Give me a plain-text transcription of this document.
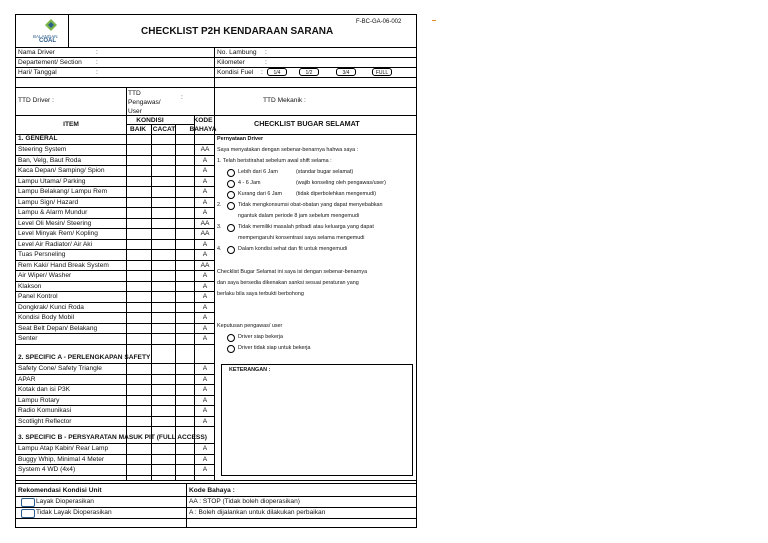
BALANGAN
COAL
CHECKLIST P2H KENDARAAN SARANA
F-BC-GA-06-002
Nama Driver	:
Departement/ Section :
Hari/ Tanggal	:
No. Lambung :
Kilometer	:
Kondisi Fuel :	1/4	1/2	3/4	FULL
TTD Driver :
TTD Pengawas/ User
:	TTD Mekanik :
ITEM
KONDISI
BAIK	CACAT
KODE BAHAYA
CHECKLIST BUGAR SELAMAT
1. GENERAL
2. SPECIFIC A - PERLENGKAPAN SAFETY
3. SPECIFIC B - PERSYARATAN MASUK PIT (FULL ACCESS)
Steering System	AA
Ban, Velg, Baut Roda	A
Kaca Depan/ Samping/ Spion	A
Lampu Utama/ Parking	A
Lampu Belakang/ Lampu Rem	A
Lampu Sign/ Hazard	A
Lampu & Alarm Mundur	A
Level Oli Mesin/ Steering	AA
Level Minyak Rem/ Kopling	AA
Level Air Radiator/ Air Aki	A
Tuas Persneling	A
Rem Kaki/ Hand Break System	AA
Air Wiper/ Washer	A
Klakson	A
Panel Kontrol	A
Dongkrak/ Kunci Roda	A
Kondisi Body Mobil	A
Seat Belt Depan/ Belakang	A
Senter	A
Safety Cone/ Safety Triangle	A
APAR	A
Kotak dan isi P3K	A
Lampu Rotary	A
Radio Komunikasi	A
Scotlight Reflector	A
Lampu Atap Kabin/ Rear Lamp	A
Buggy Whip, Minimal 4 Meter	A
System 4 WD (4x4)	A
Pernyataan Driver
Saya menyatakan dengan sebenar-benarnya hahwa saya :
1. Telah beristirahat sebelum awal shift selama :
Lebih dari 6 Jam	(standar bugar selamat)
4 - 6 Jam	(wajib konseling oleh pengawas/user)
Kurang dari 6 Jam	(tidak diperbolehkan mengemudi)
2.	Tidak mengkonsumsi obat-obatan yang dapat menyebabkan
ngantuk dalam periode 8 jam sebelum mengemudi
3.	Tidak memiliki masalah pribadi atau keluarga yang dapat
mempengaruhi konsentrasi saya selama mengemudi
4.	Dalam kondisi sehat dan fit untuk mengemudi
Checklist Bugar Selamat ini saya isi dengan sebenar-benarnya
dan saya bersedia dikenakan sanksi sesuai peraturan yang
berlaku bila saya terbukti berbohong
Keputusan pengawas/ user
Driver siap bekerja
Driver tidak siap untuk bekerja
KETERANGAN :
Rekomendasi Kondisi Unit
Layak Dioperasikan
Tidak Layak Dioperasikan
Kode Bahaya :
AA : STOP (Tidak boleh dioperasikan)
A : Boleh dijalankan untuk dilakukan perbaikan
